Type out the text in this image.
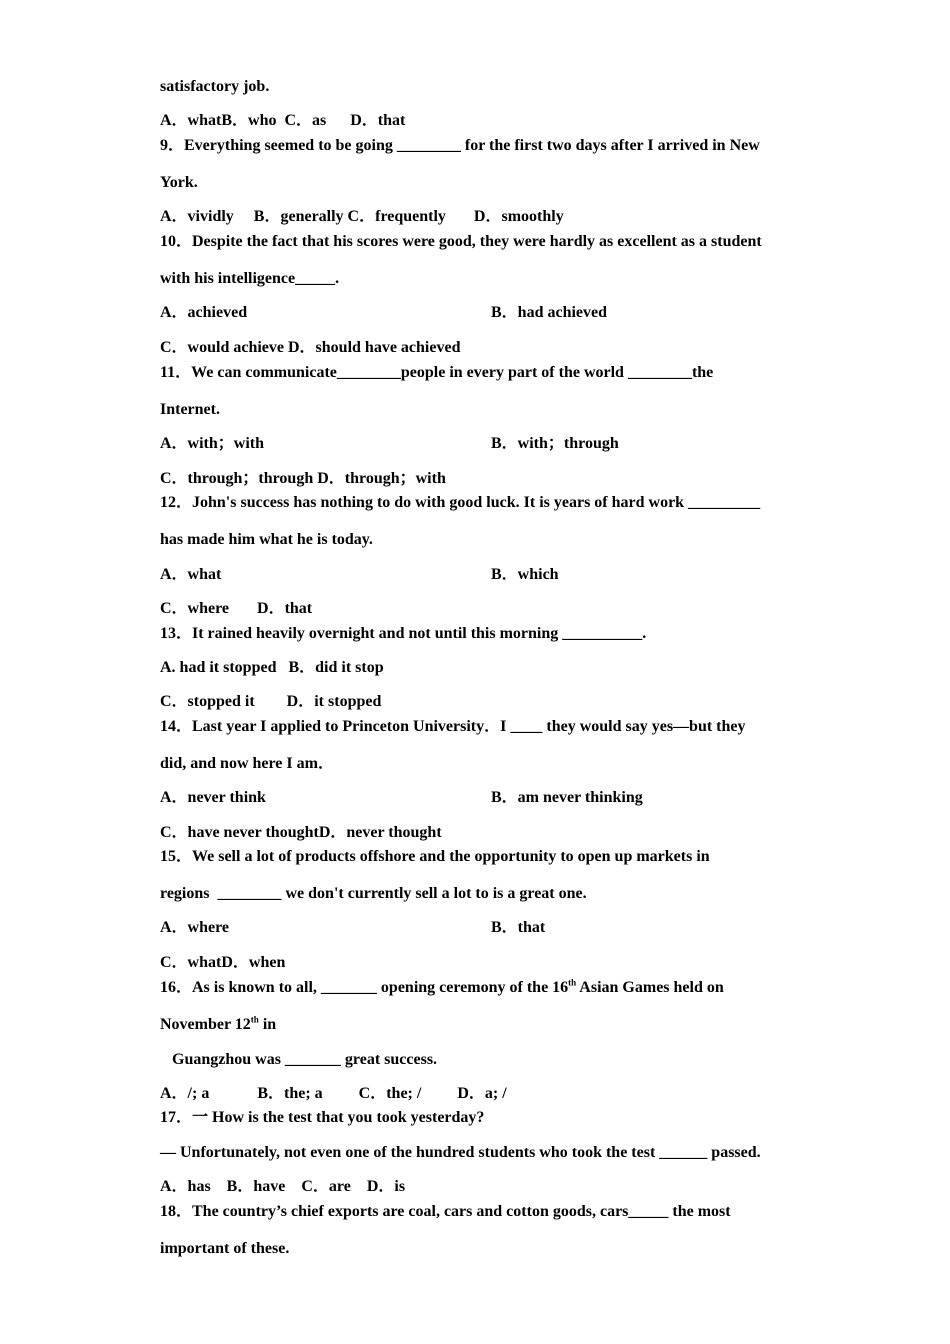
satisfactory job.
A．whatB．who  C．as      D．that
9．Everything seemed to be going ________ for the first two days after I arrived in New
York.
A．vividly     B．generally C．frequently       D．smoothly
10．Despite the fact that his scores were good, they were hardly as excellent as a student
with his intelligence_____.
A．achieved	B．had achieved
C．would achieve D．should have achieved
11．We can communicate________people in every part of the world ________the
Internet.
A．with；with	B．with；through
C．through；through D．through；with
12．John's success has nothing to do with good luck. It is years of hard work _________
has made him what he is today.
A．what	B．which
C．where       D．that
13．It rained heavily overnight and not until this morning __________.
A. had it stopped   B．did it stop
C．stopped it        D．it stopped
14．Last year I applied to Princeton University．I ____ they would say yes—but they
did, and now here I am．
A．never think	B．am never thinking
C．have never thoughtD．never thought
15．We sell a lot of products offshore and the opportunity to open up markets in
regions  ________ we don't currently sell a lot to is a great one.
A．where	B．that
C．whatD．when
16．As is known to all, _______ opening ceremony of the 16th Asian Games held on
November 12th in
Guangzhou was _______ great success.
A．/; a            B．the; a         C．the; /         D．a; /
17．一 How is the test that you took yesterday?
— Unfortunately, not even one of the hundred students who took the test ______ passed.
A．has    B．have    C．are    D．is
18．The country’s chief exports are coal, cars and cotton goods, cars_____ the most
important of these.
